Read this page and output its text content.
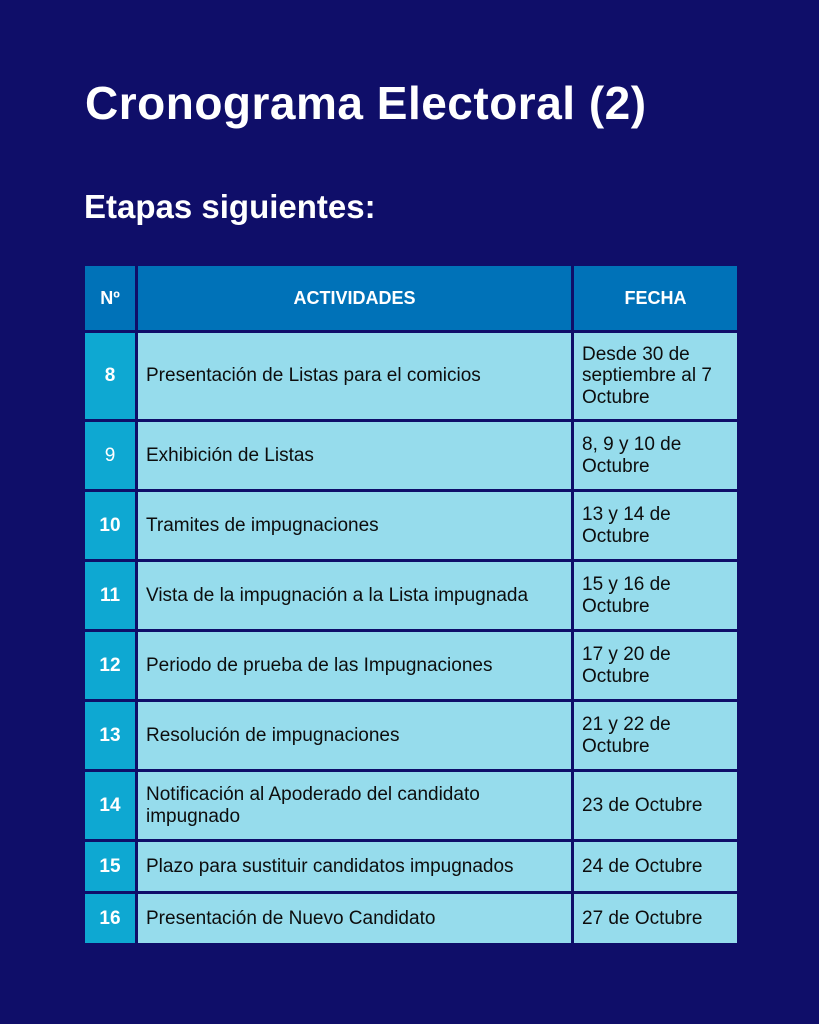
Cronograma Electoral (2)
Etapas siguientes:
Nº	ACTIVIDADES	FECHA
8	Presentación de Listas para el comicios	Desde 30 de septiembre al 7 Octubre
9	Exhibición de Listas	8, 9 y 10 de Octubre
10	Tramites de impugnaciones	13 y 14 de Octubre
11	Vista de la impugnación a la Lista impugnada	15 y 16 de Octubre
12	Periodo de prueba de las Impugnaciones	17 y 20 de Octubre
13	Resolución de impugnaciones	21 y 22 de Octubre
14	Notificación al Apoderado del candidato impugnado	23 de Octubre
15	Plazo para sustituir candidatos impugnados	24 de Octubre
16	Presentación de Nuevo Candidato	27 de Octubre
